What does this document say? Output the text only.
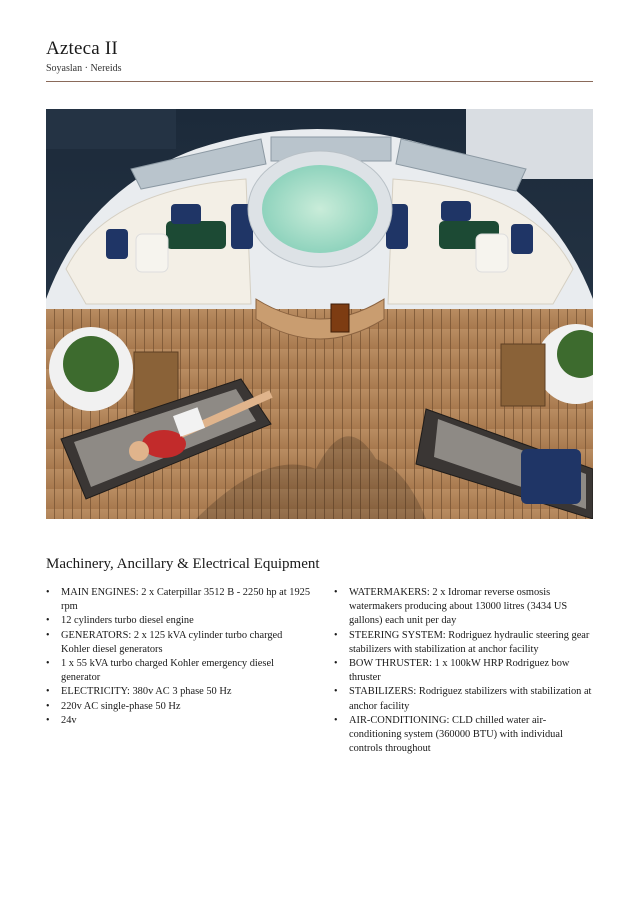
Azteca II
Soyaslan · Nereids
Machinery, Ancillary & Electrical Equipment
• MAIN ENGINES: 2 x Caterpillar 3512 B - 2250 hp at 1925 rpm
• 12 cylinders turbo diesel engine
• GENERATORS: 2 x 125 kVA cylinder turbo charged Kohler diesel generators
• 1 x 55 kVA turbo charged Kohler emergency diesel generator
• ELECTRICITY: 380v AC 3 phase 50 Hz
• 220v AC single-phase 50 Hz
• 24v
• WATERMAKERS: 2 x Idromar reverse osmosis watermakers producing about 13000 litres (3434 US gallons) each unit per day
• STEERING SYSTEM: Rodriguez hydraulic steering gear stabilizers with stabilization at anchor facility
• BOW THRUSTER: 1 x 100kW HRP Rodriguez bow thruster
• STABILIZERS: Rodriguez stabilizers with stabilization at anchor facility
• AIR-CONDITIONING: CLD chilled water air-conditioning system (360000 BTU) with individual controls throughout
